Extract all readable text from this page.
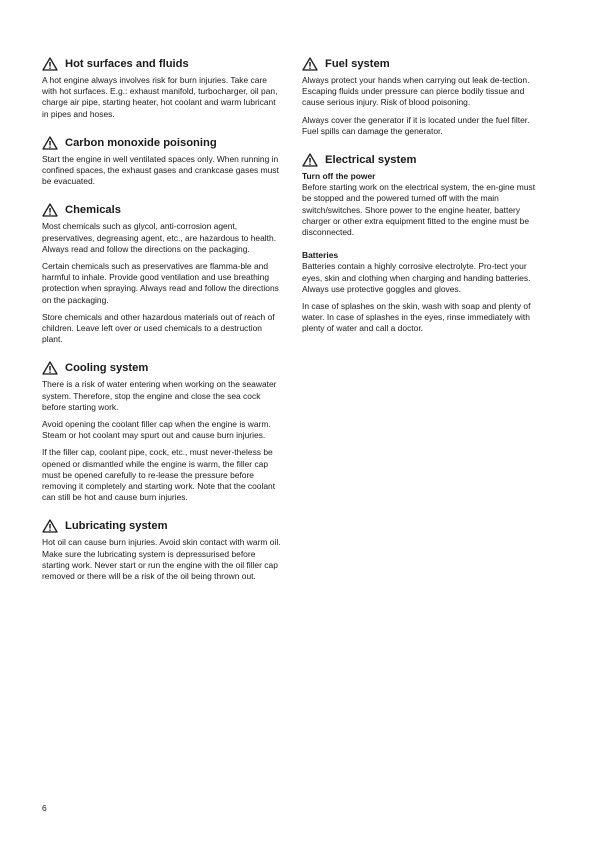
Hot surfaces and fluids

A hot engine always involves risk for burn injuries. Take care with hot surfaces. E.g.: exhaust manifold, turbocharger, oil pan, charge air pipe, starting heater, hot coolant and warm lubricant in pipes and hoses.

Carbon monoxide poisoning

Start the engine in well ventilated spaces only. When running in confined spaces, the exhaust gases and crankcase gases must be evacuated.

Chemicals

Most chemicals such as glycol, anti-corrosion agent, preservatives, degreasing agent, etc., are hazardous to health. Always read and follow the directions on the packaging.

Certain chemicals such as preservatives are flamma-ble and harmful to inhale. Provide good ventilation and use breathing protection when spraying. Always read and follow the directions on the packaging.

Store chemicals and other hazardous materials out of reach of children. Leave left over or used chemicals to a destruction plant.

Cooling system

There is a risk of water entering when working on the seawater system. Therefore, stop the engine and close the sea cock before starting work.

Avoid opening the coolant filler cap when the engine is warm. Steam or hot coolant may spurt out and cause burn injuries.

If the filler cap, coolant pipe, cock, etc., must never-theless be opened or dismantled while the engine is warm, the filler cap must be opened carefully to re-lease the pressure before removing it completely and starting work. Note that the coolant can still be hot and cause burn injuries.

Lubricating system

Hot oil can cause burn injuries. Avoid skin contact with warm oil. Make sure the lubricating system is depressurised before starting work. Never start or run the engine with the oil filler cap removed or there will be a risk of the oil being thrown out.

Fuel system

Always protect your hands when carrying out leak de-tection. Escaping fluids under pressure can pierce bodily tissue and cause serious injury. Risk of blood poisoning.

Always cover the generator if it is located under the fuel filter. Fuel spills can damage the generator.

Electrical system

Turn off the power

Before starting work on the electrical system, the en-gine must be stopped and the powered turned off with the main switch/switches. Shore power to the engine heater, battery charger or other extra equipment fitted to the engine must be disconnected.

Batteries

Batteries contain a highly corrosive electrolyte. Pro-tect your eyes, skin and clothing when charging and handing batteries. Always use protective goggles and gloves.

In case of splashes on the skin, wash with soap and plenty of water. In case of splashes in the eyes, rinse immediately with plenty of water and call a doctor.

6
